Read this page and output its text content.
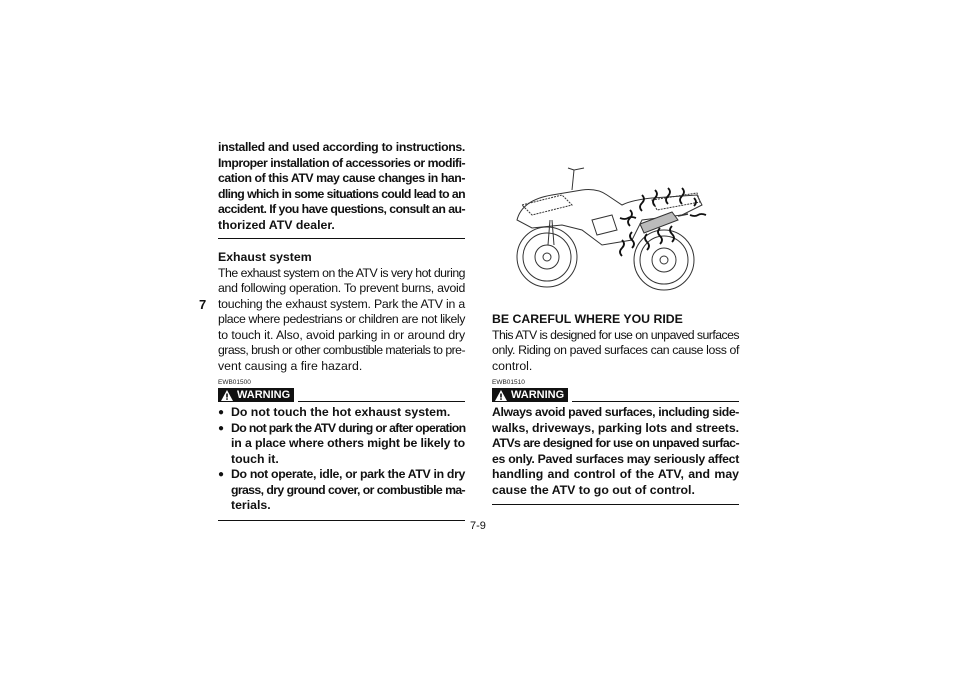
7
installed and used according to instructions.
Improper installation of accessories or modifi-
cation of this ATV may cause changes in han-
dling which in some situations could lead to an
accident. If you have questions, consult an au-
thorized ATV dealer.
Exhaust system
The exhaust system on the ATV is very hot during
and following operation. To prevent burns, avoid
touching the exhaust system. Park the ATV in a
place where pedestrians or children are not likely
to touch it. Also, avoid parking in or around dry
grass, brush or other combustible materials to pre-
vent causing a fire hazard.
EWB01500
WARNING
● Do not touch the hot exhaust system.
● Do not park the ATV during or after operation
in a place where others might be likely to
touch it.
● Do not operate, idle, or park the ATV in dry
grass, dry ground cover, or combustible ma-
terials.
BE CAREFUL WHERE YOU RIDE
This ATV is designed for use on unpaved surfaces
only. Riding on paved surfaces can cause loss of
control.
EWB01510
WARNING
Always avoid paved surfaces, including side-
walks, driveways, parking lots and streets.
ATVs are designed for use on unpaved surfac-
es only. Paved surfaces may seriously affect
handling and control of the ATV, and may
cause the ATV to go out of control.
7-9
